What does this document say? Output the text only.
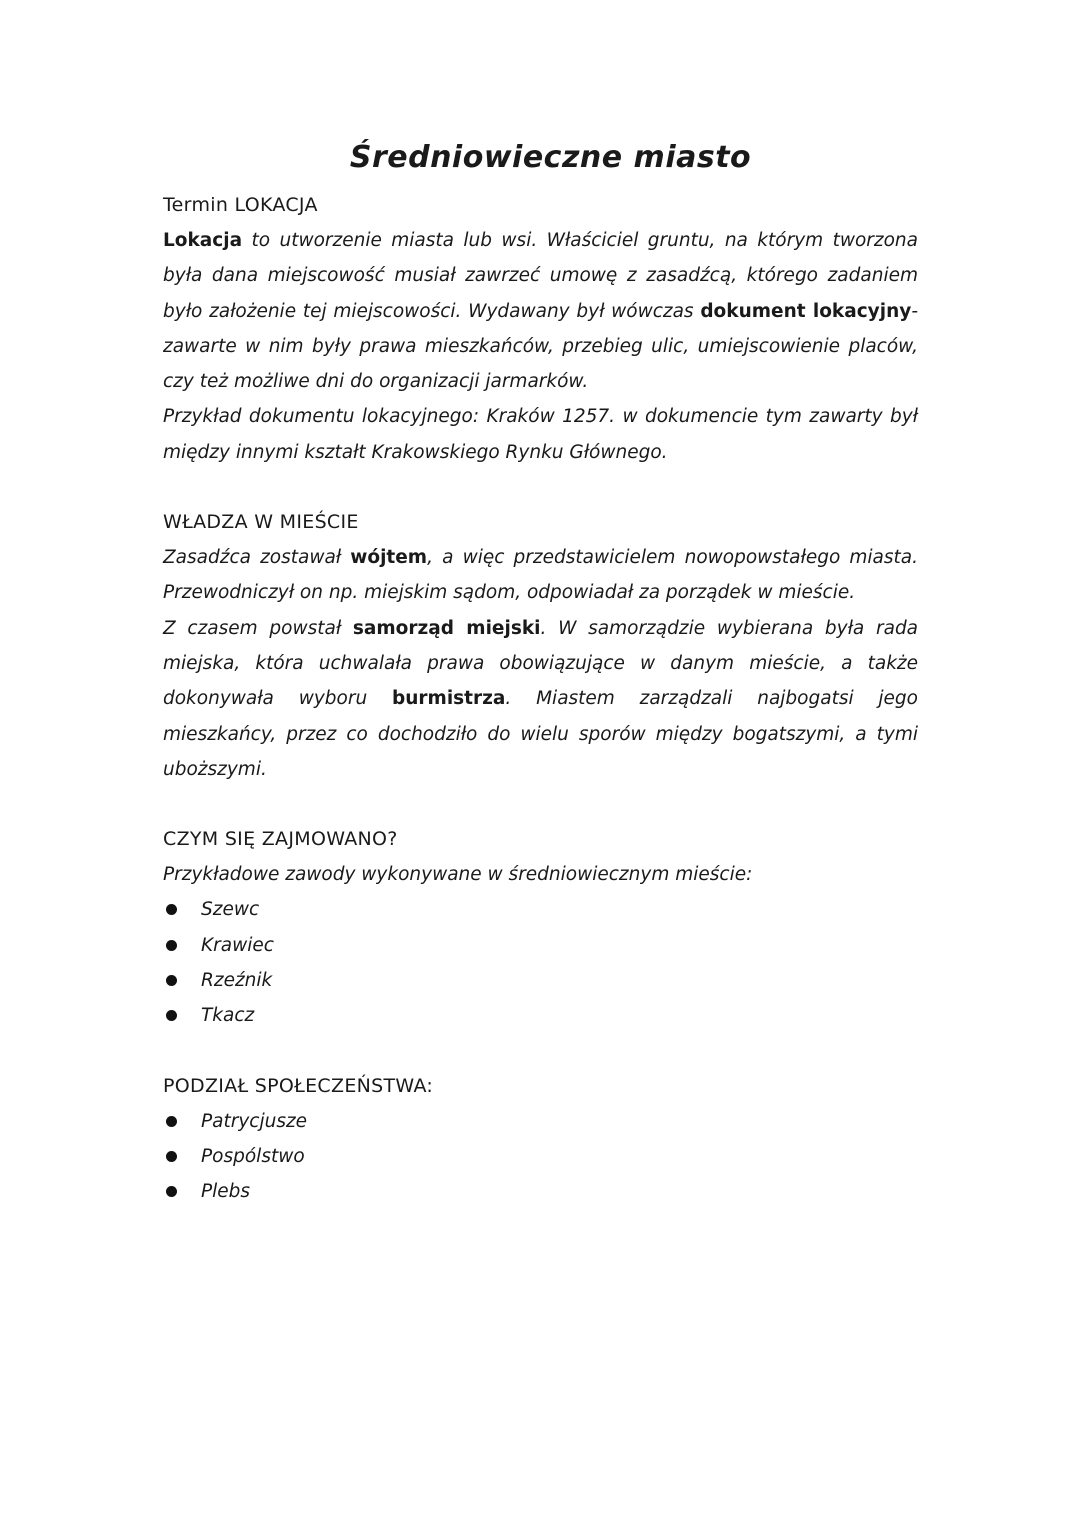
Średniowieczne miasto

Termin LOKACJA

Lokacja to utworzenie miasta lub wsi. Właściciel gruntu, na którym tworzona była dana miejscowość musiał zawrzeć umowę z zasadźcą, którego zadaniem było założenie tej miejscowości. Wydawany był wówczas dokument lokacyjny- zawarte w nim były prawa mieszkańców, przebieg ulic, umiejscowienie placów, czy też możliwe dni do organizacji jarmarków.

Przykład dokumentu lokacyjnego: Kraków 1257. w dokumencie tym zawarty był między innymi kształt Krakowskiego Rynku Głównego.

WŁADZA W MIEŚCIE

Zasadźca zostawał wójtem, a więc przedstawicielem nowopowstałego miasta. Przewodniczył on np. miejskim sądom, odpowiadał za porządek w mieście.

Z czasem powstał samorząd miejski. W samorządzie wybierana była rada miejska, która uchwalała prawa obowiązujące w danym mieście, a także dokonywała wyboru burmistrza. Miastem zarządzali najbogatsi jego mieszkańcy, przez co dochodziło do wielu sporów między bogatszymi, a tymi uboższymi.

CZYM SIĘ ZAJMOWANO?

Przykładowe zawody wykonywane w średniowiecznym mieście:

Szewc
Krawiec
Rzeźnik
Tkacz

PODZIAŁ SPOŁECZEŃSTWA:

Patrycjusze
Pospólstwo
Plebs
